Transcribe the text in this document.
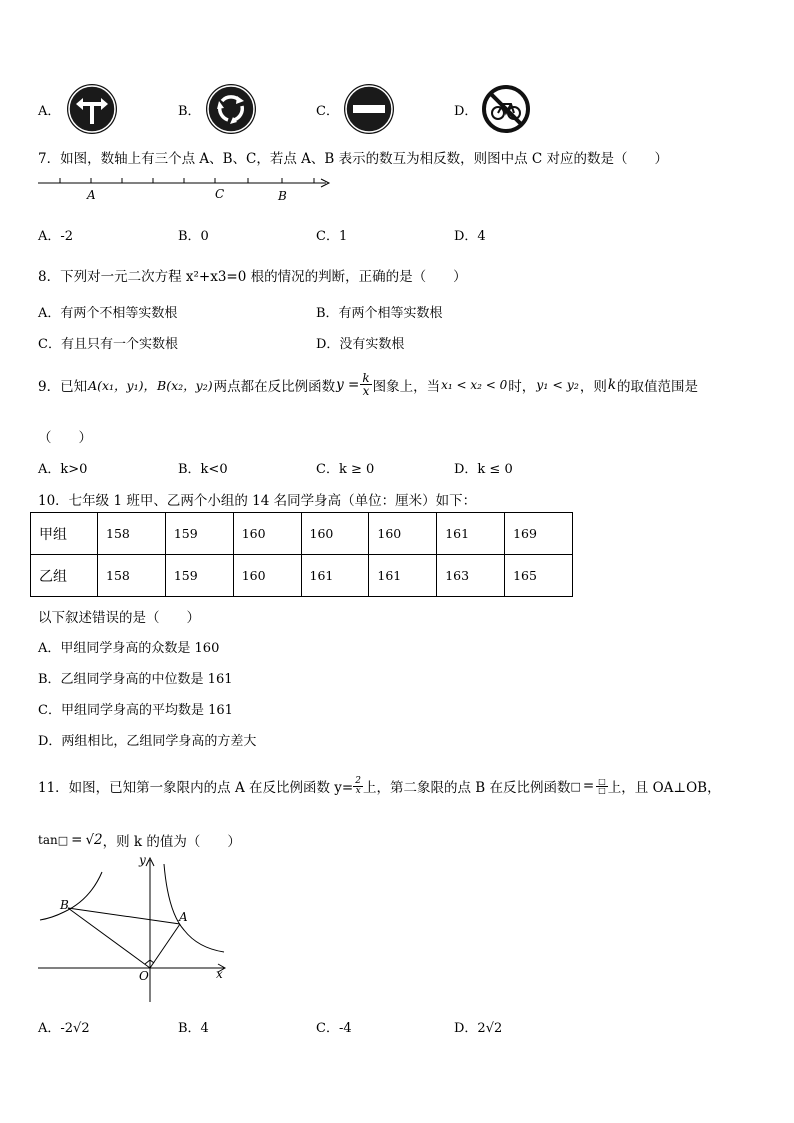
A．	B．	C．	D．
7．如图，数轴上有三个点 A、B、C，若点 A、B 表示的数互为相反数，则图中点 C 对应的数是（　　）
A	C	B
A．-2	B．0	C．1	D．4
8．下列对一元二次方程 x²+x3=0 根的情况的判断，正确的是（　　）
A．有两个不相等实数根	B．有两个相等实数根
C．有且只有一个实数根	D．没有实数根
9．已知 A(x₁，y₁)， B(x₂，y₂) 两点都在反比例函数 $y = \frac{k}{x}$ 图象上，当 x₁ < x₂ < 0 时， y₁ < y₂ ，则 k 的取值范围是
（　　）
A．k>0	B．k<0	C．k ≥ 0	D．k ≤ 0
10．七年级 1 班甲、乙两个小组的 14 名同学身高（单位：厘米）如下：
甲组	158	159	160	160	160	161	169
乙组	158	159	160	161	161	163	165
以下叙述错误的是（　　）
A．甲组同学身高的众数是 160
B．乙组同学身高的中位数是 161
C．甲组同学身高的平均数是 161
D．两组相比，乙组同学身高的方差大
11．如图，已知第一象限内的点 A 在反比例函数 $y= \frac{2}{x}$ 上，第二象限的点 B 在反比例函数 □ = $\frac{□}{□}$ 上，且 OA⊥OB，
tan □ = √2 ，则 k 的值为（　　）
B
A
y
x
O
A．-2√2	B．4	C．-4	D．2√2
